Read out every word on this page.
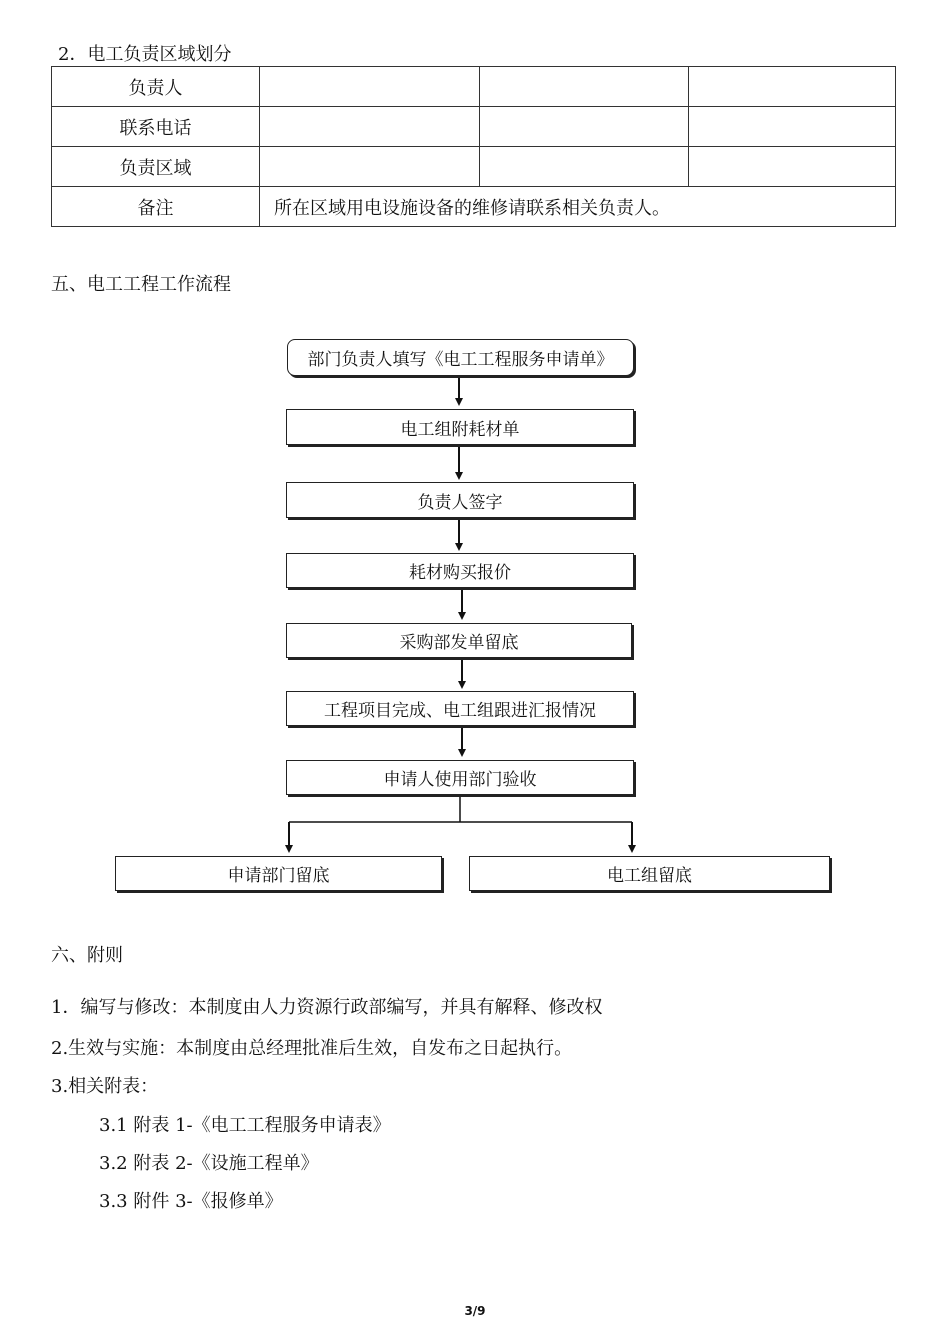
2．电工负责区域划分
负责人			
联系电话			
负责区域			
备注	所在区域用电设施设备的维修请联系相关负责人。		
五、电工工程工作流程
部门负责人填写《电工工程服务申请单》
电工组附耗材单
负责人签字
耗材购买报价
采购部发单留底
工程项目完成、电工组跟进汇报情况
申请人使用部门验收
申请部门留底	电工组留底
六、附则
1．编写与修改：本制度由人力资源行政部编写，并具有解释、修改权
2.生效与实施：本制度由总经理批准后生效，自发布之日起执行。
3.相关附表：
3.1 附表 1-《电工工程服务申请表》
3.2 附表 2-《设施工程单》
3.3 附件 3-《报修单》
3/9
